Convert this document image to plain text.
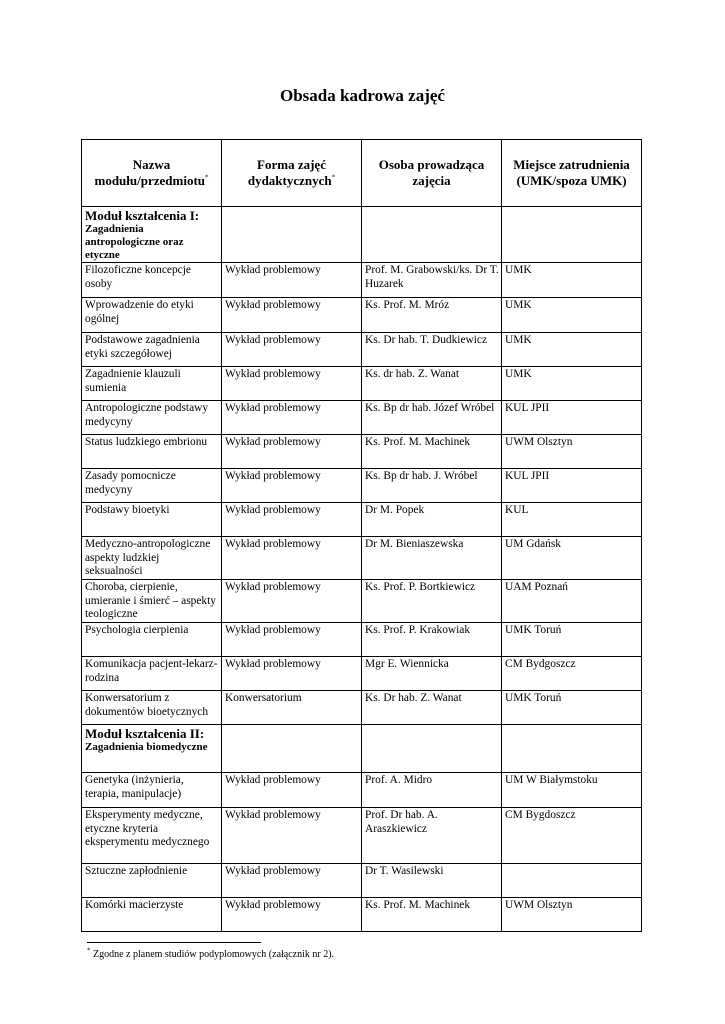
Obsada kadrowa zajęć
Nazwa modułu/przedmiotu*	Forma zajęć dydaktycznych*	Osoba prowadząca zajęcia	Miejsce zatrudnienia (UMK/spoza UMK)

Moduł kształcenia I:
Zagadnienia antropologiczne oraz etyczne			

Filozoficzne koncepcje osoby	Wykład problemowy	Prof. M. Grabowski/ks. Dr T. Huzarek	UMK
Wprowadzenie do etyki ogólnej	Wykład problemowy	Ks. Prof. M. Mróz	UMK
Podstawowe zagadnienia etyki szczegółowej	Wykład problemowy	Ks. Dr hab. T. Dudkiewicz	UMK
Zagadnienie klauzuli sumienia	Wykład problemowy	Ks. dr hab. Z. Wanat	UMK
Antropologiczne podstawy medycyny	Wykład problemowy	Ks. Bp dr hab. Józef Wróbel	KUL JPII
Status ludzkiego embrionu	Wykład problemowy	Ks. Prof. M. Machinek	UWM Olsztyn
Zasady pomocnicze medycyny	Wykład problemowy	Ks. Bp dr hab. J. Wróbel	KUL JPII
Podstawy bioetyki	Wykład problemowy	Dr M. Popek	KUL
Medyczno-antropologiczne aspekty ludzkiej seksualności	Wykład problemowy	Dr M. Bieniaszewska	UM Gdańsk
Choroba, cierpienie, umieranie i śmierć – aspekty teologiczne	Wykład problemowy	Ks. Prof. P. Bortkiewicz	UAM Poznań
Psychologia cierpienia	Wykład problemowy	Ks. Prof. P. Krakowiak	UMK Toruń
Komunikacja pacjent-lekarz-rodzina	Wykład problemowy	Mgr E. Wiennicka	CM Bydgoszcz
Konwersatorium z dokumentów bioetycznych	Konwersatorium	Ks. Dr hab. Z. Wanat	UMK Toruń

Moduł kształcenia II:
Zagadnienia biomedyczne			

Genetyka (inżynieria, terapia, manipulacje)	Wykład problemowy	Prof. A. Midro	UM W Białymstoku
Eksperymenty medyczne, etyczne kryteria eksperymentu medycznego	Wykład problemowy	Prof. Dr hab. A. Araszkiewicz	CM Bygdoszcz
Sztuczne zapłodnienie	Wykład problemowy	Dr T. Wasilewski	
Komórki macierzyste	Wykład problemowy	Ks. Prof. M. Machinek	UWM Olsztyn
* Zgodne z planem studiów podyplomowych (załącznik nr 2).
